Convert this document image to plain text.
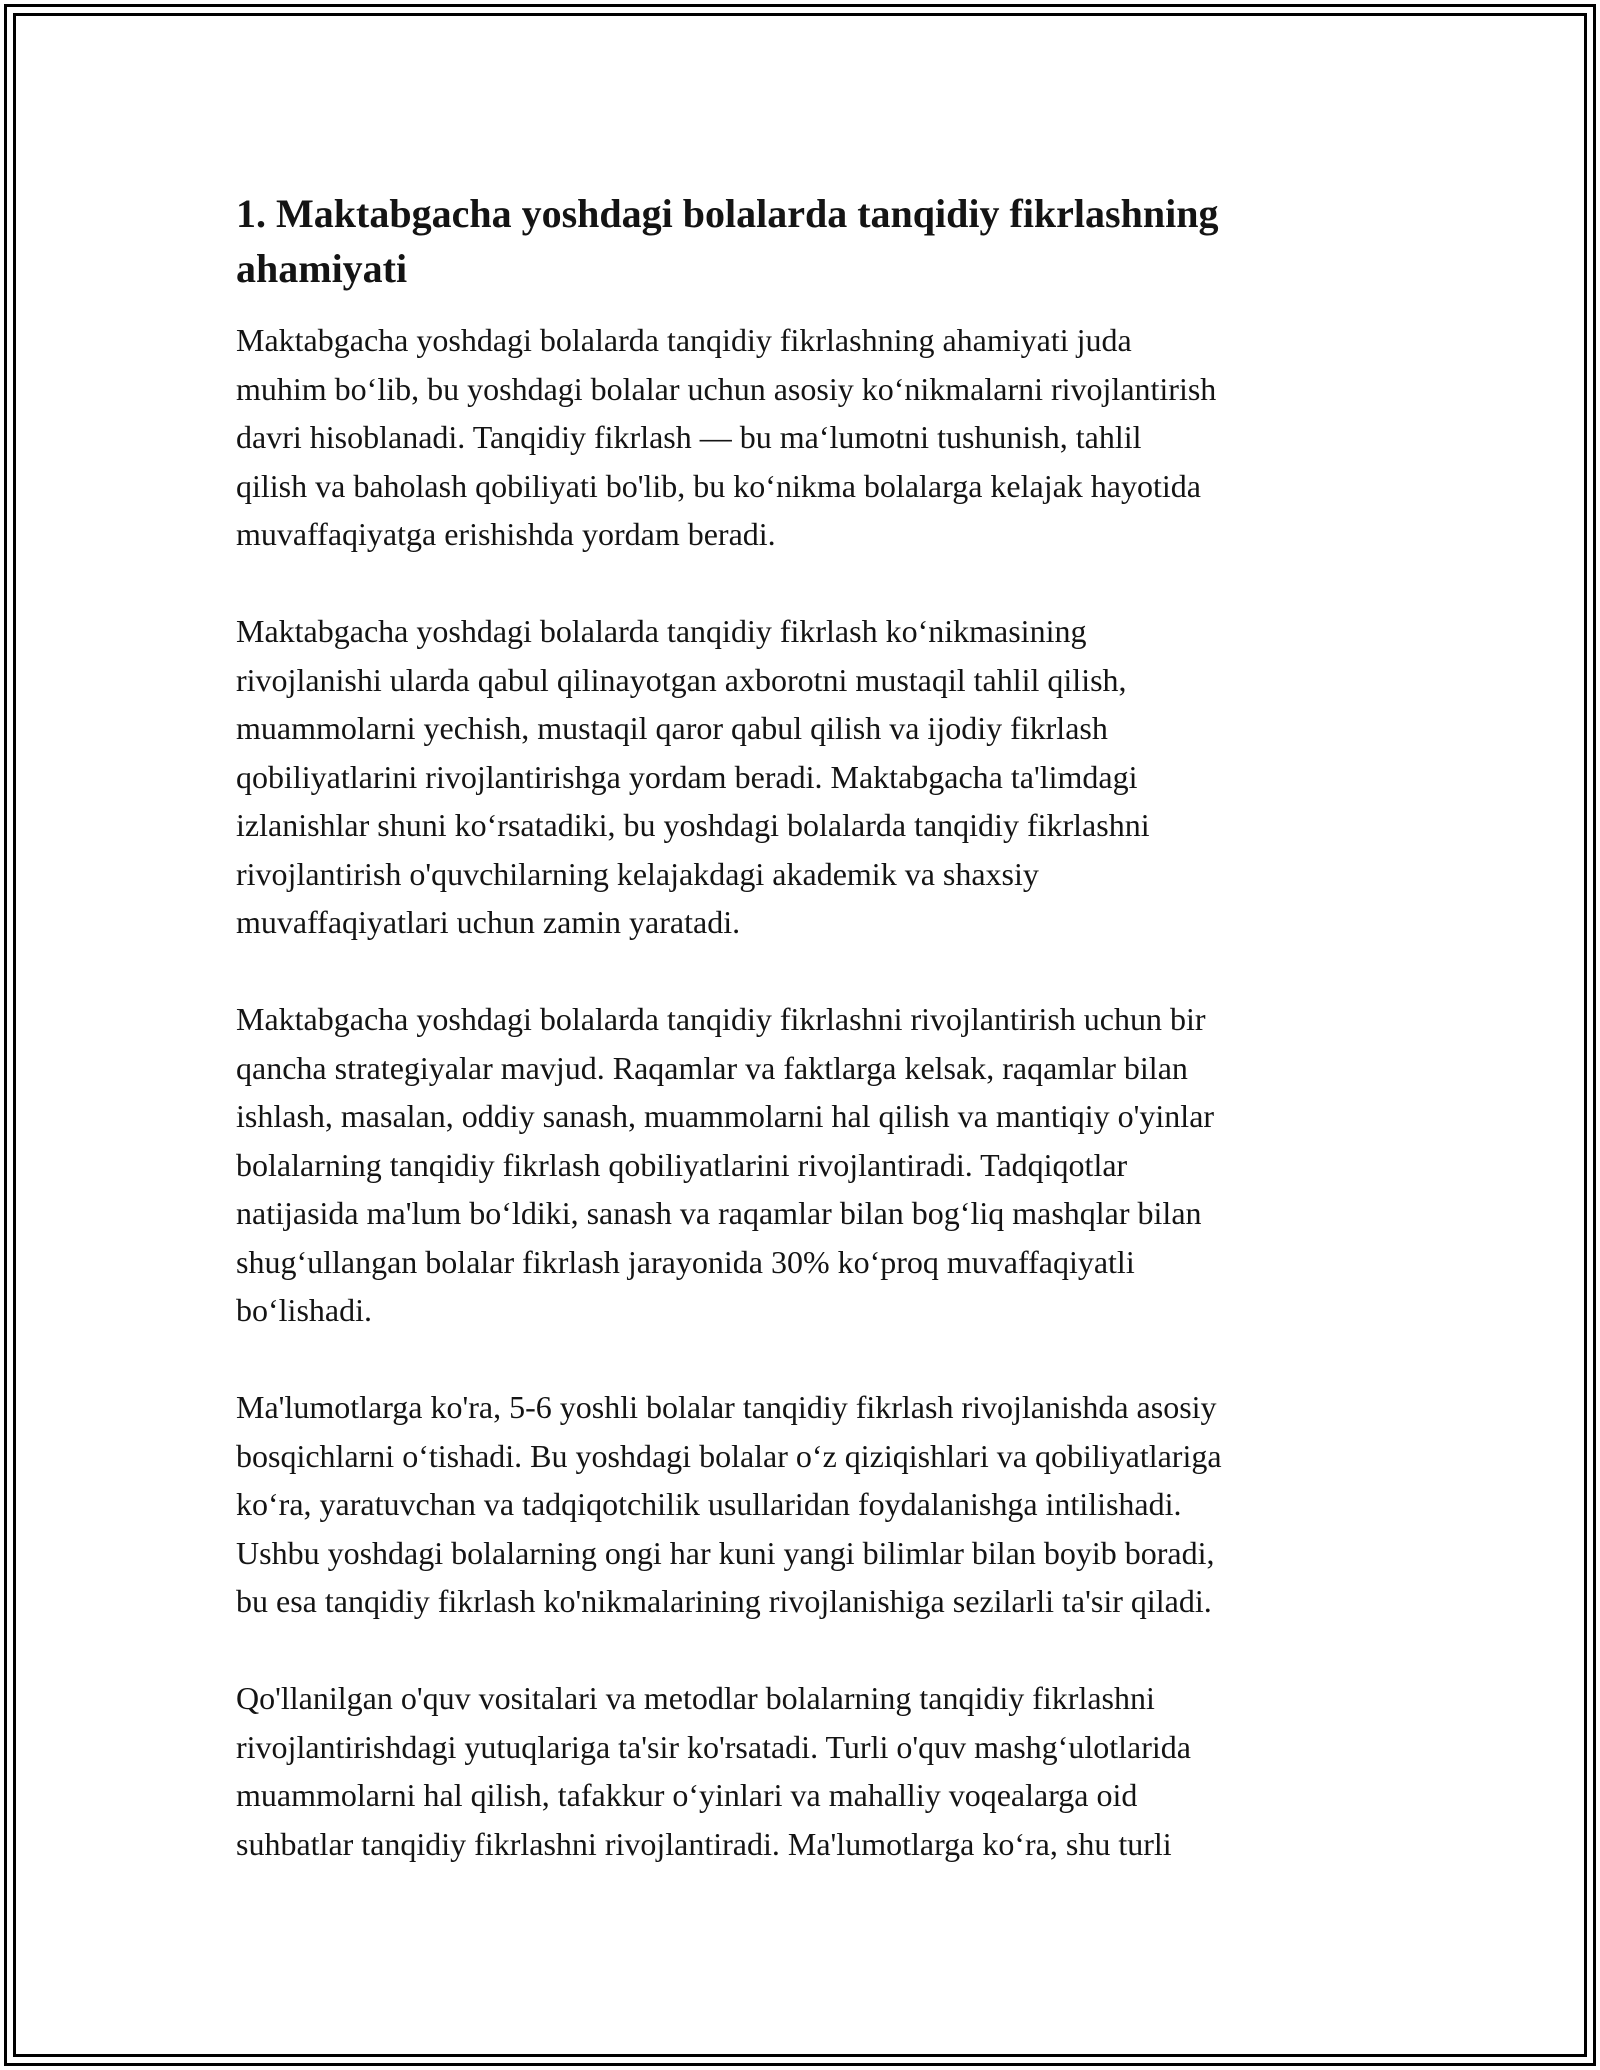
1. Maktabgacha yoshdagi bolalarda tanqidiy fikrlashning
ahamiyati

Maktabgacha yoshdagi bolalarda tanqidiy fikrlashning ahamiyati juda
muhim bo‘lib, bu yoshdagi bolalar uchun asosiy ko‘nikmalarni rivojlantirish
davri hisoblanadi. Tanqidiy fikrlash — bu ma‘lumotni tushunish, tahlil
qilish va baholash qobiliyati bo'lib, bu ko‘nikma bolalarga kelajak hayotida
muvaffaqiyatga erishishda yordam beradi.

Maktabgacha yoshdagi bolalarda tanqidiy fikrlash ko‘nikmasining
rivojlanishi ularda qabul qilinayotgan axborotni mustaqil tahlil qilish,
muammolarni yechish, mustaqil qaror qabul qilish va ijodiy fikrlash
qobiliyatlarini rivojlantirishga yordam beradi. Maktabgacha ta'limdagi
izlanishlar shuni ko‘rsatadiki, bu yoshdagi bolalarda tanqidiy fikrlashni
rivojlantirish o'quvchilarning kelajakdagi akademik va shaxsiy
muvaffaqiyatlari uchun zamin yaratadi.

Maktabgacha yoshdagi bolalarda tanqidiy fikrlashni rivojlantirish uchun bir
qancha strategiyalar mavjud. Raqamlar va faktlarga kelsak, raqamlar bilan
ishlash, masalan, oddiy sanash, muammolarni hal qilish va mantiqiy o'yinlar
bolalarning tanqidiy fikrlash qobiliyatlarini rivojlantiradi. Tadqiqotlar
natijasida ma'lum bo‘ldiki, sanash va raqamlar bilan bog‘liq mashqlar bilan
shug‘ullangan bolalar fikrlash jarayonida 30% ko‘proq muvaffaqiyatli
bo‘lishadi.

Ma'lumotlarga ko'ra, 5-6 yoshli bolalar tanqidiy fikrlash rivojlanishda asosiy
bosqichlarni o‘tishadi. Bu yoshdagi bolalar o‘z qiziqishlari va qobiliyatlariga
ko‘ra, yaratuvchan va tadqiqotchilik usullaridan foydalanishga intilishadi.
Ushbu yoshdagi bolalarning ongi har kuni yangi bilimlar bilan boyib boradi,
bu esa tanqidiy fikrlash ko'nikmalarining rivojlanishiga sezilarli ta'sir qiladi.

Qo'llanilgan o'quv vositalari va metodlar bolalarning tanqidiy fikrlashni
rivojlantirishdagi yutuqlariga ta'sir ko'rsatadi. Turli o'quv mashg‘ulotlarida
muammolarni hal qilish, tafakkur o‘yinlari va mahalliy voqealarga oid
suhbatlar tanqidiy fikrlashni rivojlantiradi. Ma'lumotlarga ko‘ra, shu turli
